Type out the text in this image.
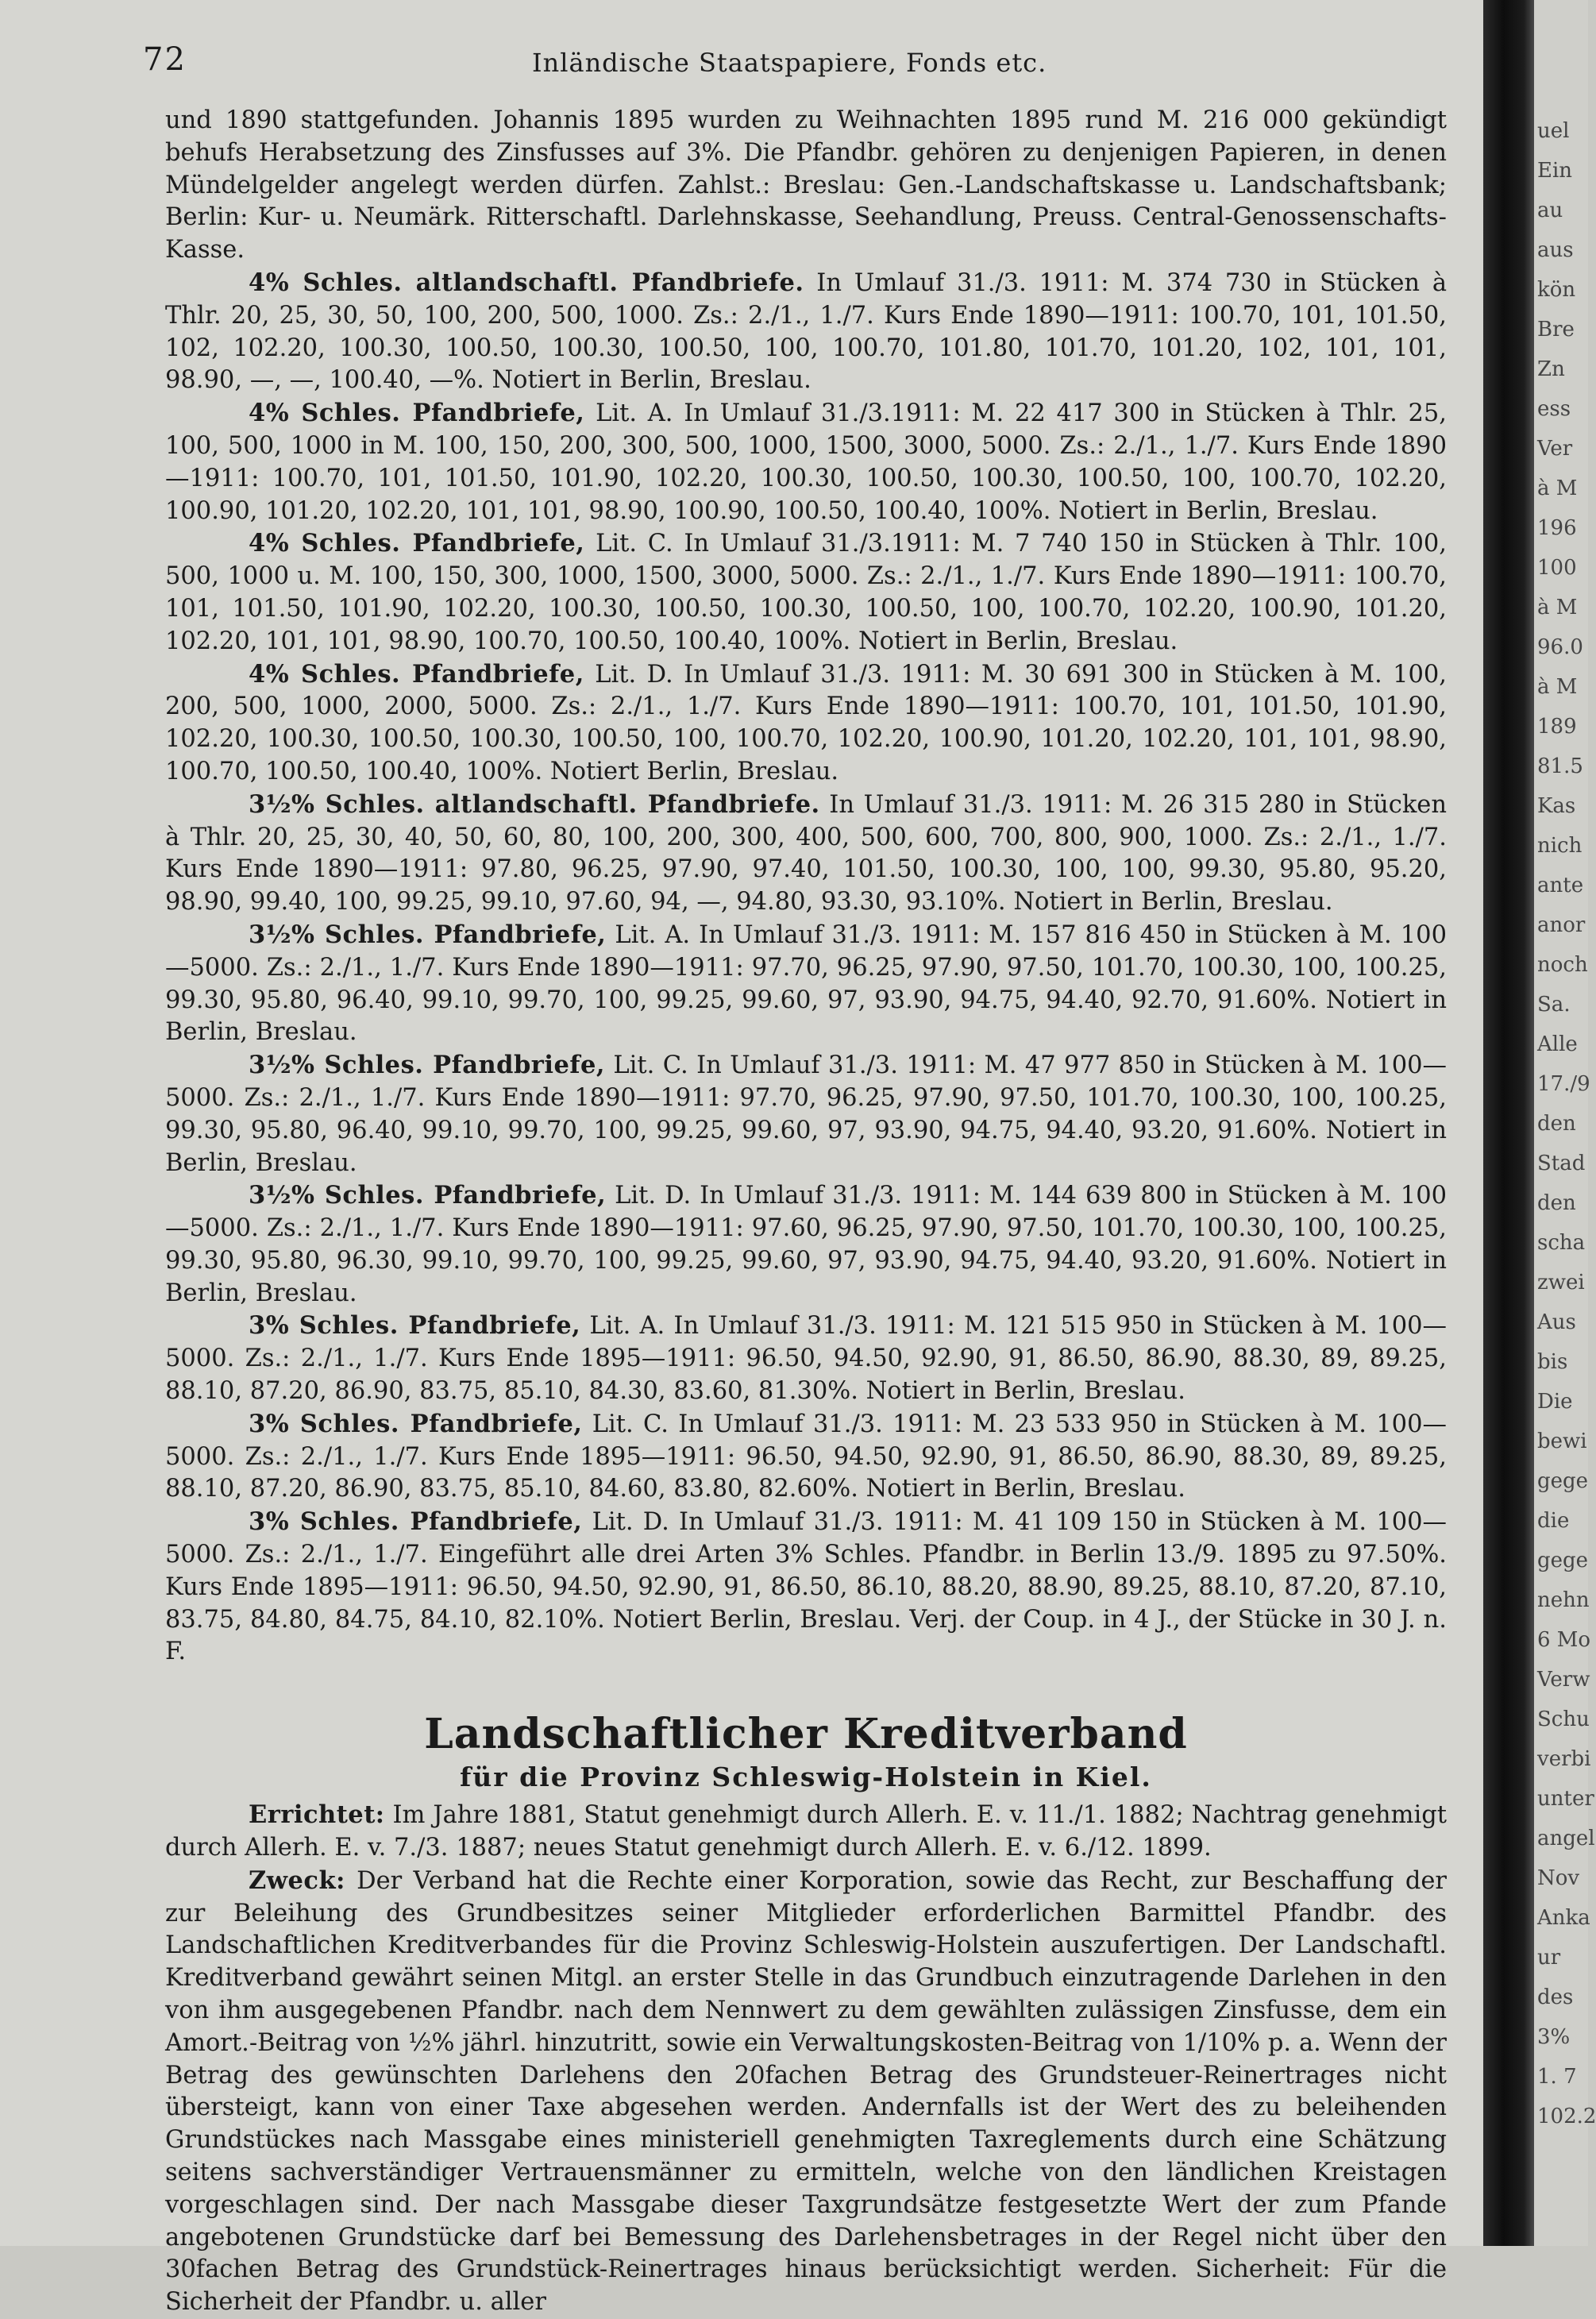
72	Inländische Staatspapiere, Fonds etc.

und 1890 stattgefunden. Johannis 1895 wurden zu Weihnachten 1895 rund M. 216 000 gekündigt behufs Herabsetzung des Zinsfusses auf 3%. Die Pfandbr. gehören zu denjenigen Papieren, in denen Mündelgelder angelegt werden dürfen. Zahlst.: Breslau: Gen.-Landschaftskasse u. Landschaftsbank; Berlin: Kur- u. Neumärk. Ritterschaftl. Darlehnskasse, Seehandlung, Preuss. Central-Genossenschafts-Kasse.

4% Schles. altlandschaftl. Pfandbriefe. In Umlauf 31./3. 1911: M. 374 730 in Stücken à Thlr. 20, 25, 30, 50, 100, 200, 500, 1000. Zs.: 2./1., 1./7. Kurs Ende 1890—1911: 100.70, 101, 101.50, 102, 102.20, 100.30, 100.50, 100.30, 100.50, 100, 100.70, 101.80, 101.70, 101.20, 102, 101, 101, 98.90, —, —, 100.40, —%. Notiert in Berlin, Breslau.

4% Schles. Pfandbriefe, Lit. A. In Umlauf 31./3.1911: M. 22 417 300 in Stücken à Thlr. 25, 100, 500, 1000 in M. 100, 150, 200, 300, 500, 1000, 1500, 3000, 5000. Zs.: 2./1., 1./7. Kurs Ende 1890—1911: 100.70, 101, 101.50, 101.90, 102.20, 100.30, 100.50, 100.30, 100.50, 100, 100.70, 102.20, 100.90, 101.20, 102.20, 101, 101, 98.90, 100.90, 100.50, 100.40, 100%. Notiert in Berlin, Breslau.

4% Schles. Pfandbriefe, Lit. C. In Umlauf 31./3.1911: M. 7 740 150 in Stücken à Thlr. 100, 500, 1000 u. M. 100, 150, 300, 1000, 1500, 3000, 5000. Zs.: 2./1., 1./7. Kurs Ende 1890—1911: 100.70, 101, 101.50, 101.90, 102.20, 100.30, 100.50, 100.30, 100.50, 100, 100.70, 102.20, 100.90, 101.20, 102.20, 101, 101, 98.90, 100.70, 100.50, 100.40, 100%. Notiert in Berlin, Breslau.

4% Schles. Pfandbriefe, Lit. D. In Umlauf 31./3. 1911: M. 30 691 300 in Stücken à M. 100, 200, 500, 1000, 2000, 5000. Zs.: 2./1., 1./7. Kurs Ende 1890—1911: 100.70, 101, 101.50, 101.90, 102.20, 100.30, 100.50, 100.30, 100.50, 100, 100.70, 102.20, 100.90, 101.20, 102.20, 101, 101, 98.90, 100.70, 100.50, 100.40, 100%. Notiert Berlin, Breslau.

3½% Schles. altlandschaftl. Pfandbriefe. In Umlauf 31./3. 1911: M. 26 315 280 in Stücken à Thlr. 20, 25, 30, 40, 50, 60, 80, 100, 200, 300, 400, 500, 600, 700, 800, 900, 1000. Zs.: 2./1., 1./7. Kurs Ende 1890—1911: 97.80, 96.25, 97.90, 97.40, 101.50, 100.30, 100, 100, 99.30, 95.80, 95.20, 98.90, 99.40, 100, 99.25, 99.10, 97.60, 94, —, 94.80, 93.30, 93.10%. Notiert in Berlin, Breslau.

3½% Schles. Pfandbriefe, Lit. A. In Umlauf 31./3. 1911: M. 157 816 450 in Stücken à M. 100—5000. Zs.: 2./1., 1./7. Kurs Ende 1890—1911: 97.70, 96.25, 97.90, 97.50, 101.70, 100.30, 100, 100.25, 99.30, 95.80, 96.40, 99.10, 99.70, 100, 99.25, 99.60, 97, 93.90, 94.75, 94.40, 92.70, 91.60%. Notiert in Berlin, Breslau.

3½% Schles. Pfandbriefe, Lit. C. In Umlauf 31./3. 1911: M. 47 977 850 in Stücken à M. 100—5000. Zs.: 2./1., 1./7. Kurs Ende 1890—1911: 97.70, 96.25, 97.90, 97.50, 101.70, 100.30, 100, 100.25, 99.30, 95.80, 96.40, 99.10, 99.70, 100, 99.25, 99.60, 97, 93.90, 94.75, 94.40, 93.20, 91.60%. Notiert in Berlin, Breslau.

3½% Schles. Pfandbriefe, Lit. D. In Umlauf 31./3. 1911: M. 144 639 800 in Stücken à M. 100—5000. Zs.: 2./1., 1./7. Kurs Ende 1890—1911: 97.60, 96.25, 97.90, 97.50, 101.70, 100.30, 100, 100.25, 99.30, 95.80, 96.30, 99.10, 99.70, 100, 99.25, 99.60, 97, 93.90, 94.75, 94.40, 93.20, 91.60%. Notiert in Berlin, Breslau.

3% Schles. Pfandbriefe, Lit. A. In Umlauf 31./3. 1911: M. 121 515 950 in Stücken à M. 100—5000. Zs.: 2./1., 1./7. Kurs Ende 1895—1911: 96.50, 94.50, 92.90, 91, 86.50, 86.90, 88.30, 89, 89.25, 88.10, 87.20, 86.90, 83.75, 85.10, 84.30, 83.60, 81.30%. Notiert in Berlin, Breslau.

3% Schles. Pfandbriefe, Lit. C. In Umlauf 31./3. 1911: M. 23 533 950 in Stücken à M. 100—5000. Zs.: 2./1., 1./7. Kurs Ende 1895—1911: 96.50, 94.50, 92.90, 91, 86.50, 86.90, 88.30, 89, 89.25, 88.10, 87.20, 86.90, 83.75, 85.10, 84.60, 83.80, 82.60%. Notiert in Berlin, Breslau.

3% Schles. Pfandbriefe, Lit. D. In Umlauf 31./3. 1911: M. 41 109 150 in Stücken à M. 100—5000. Zs.: 2./1., 1./7. Eingeführt alle drei Arten 3% Schles. Pfandbr. in Berlin 13./9. 1895 zu 97.50%. Kurs Ende 1895—1911: 96.50, 94.50, 92.90, 91, 86.50, 86.10, 88.20, 88.90, 89.25, 88.10, 87.20, 87.10, 83.75, 84.80, 84.75, 84.10, 82.10%. Notiert Berlin, Breslau. Verj. der Coup. in 4 J., der Stücke in 30 J. n. F.

Landschaftlicher Kreditverband
für die Provinz Schleswig-Holstein in Kiel.

Errichtet: Im Jahre 1881, Statut genehmigt durch Allerh. E. v. 11./1. 1882; Nachtrag genehmigt durch Allerh. E. v. 7./3. 1887; neues Statut genehmigt durch Allerh. E. v. 6./12. 1899.

Zweck: Der Verband hat die Rechte einer Korporation, sowie das Recht, zur Beschaffung der zur Beleihung des Grundbesitzes seiner Mitglieder erforderlichen Barmittel Pfandbr. des Landschaftlichen Kreditverbandes für die Provinz Schleswig-Holstein auszufertigen. Der Landschaftl. Kreditverband gewährt seinen Mitgl. an erster Stelle in das Grundbuch einzutragende Darlehen in den von ihm ausgegebenen Pfandbr. nach dem Nennwert zu dem gewählten zulässigen Zinsfusse, dem ein Amort.-Beitrag von ½% jährl. hinzutritt, sowie ein Verwaltungskosten-Beitrag von 1/10% p. a. Wenn der Betrag des gewünschten Darlehens den 20fachen Betrag des Grundsteuer-Reinertrages nicht übersteigt, kann von einer Taxe abgesehen werden. Andernfalls ist der Wert des zu beleihenden Grundstückes nach Massgabe eines ministeriell genehmigten Taxreglements durch eine Schätzung seitens sachverständiger Vertrauensmänner zu ermitteln, welche von den ländlichen Kreistagen vorgeschlagen sind. Der nach Massgabe dieser Taxgrundsätze festgesetzte Wert der zum Pfande angebotenen Grundstücke darf bei Bemessung des Darlehensbetrages in der Regel nicht über den 30fachen Betrag des Grundstück-Reinertrages hinaus berücksichtigt werden. Sicherheit: Für die Sicherheit der Pfandbr. u. aller

uel
Ein
au
aus
kön
Bre
Zn
ess
Ver
à M
196
100
à M
96.0
à M
189
81.5
Kas
nich
ante
anor
noch
Sa.
Alle
17./9
den
Stad
den
scha
zwei
Aus
bis
Die
bewi
gege
die
gege
nehn
6 Mo
Verw
Schu
verbi
unter
angel
Nov
Anka
ur
des
3%
1. 7
102.2
